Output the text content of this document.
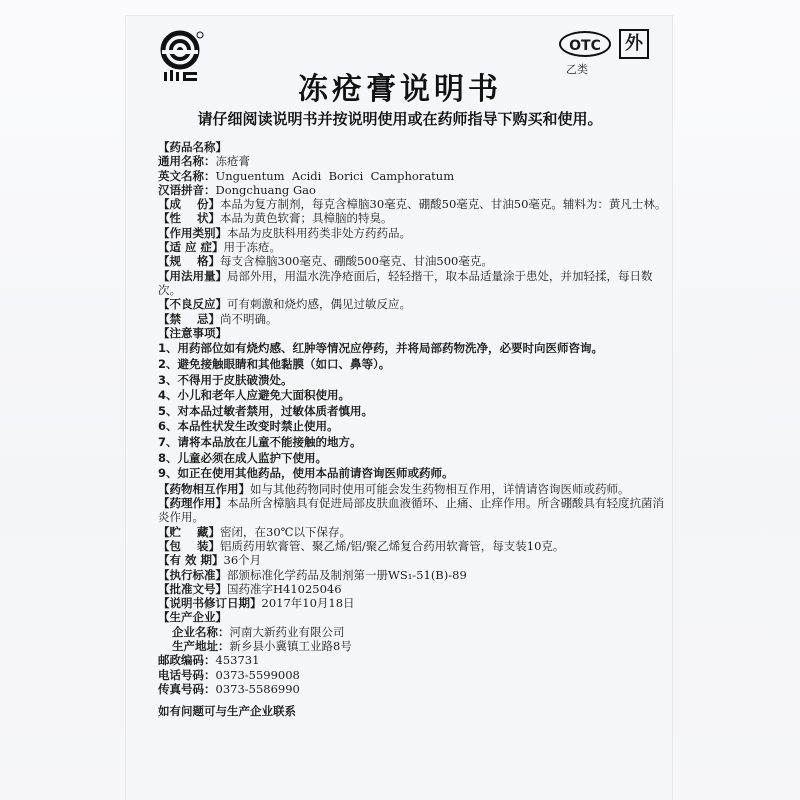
OTC	外
乙类
冻疮膏说明书
请仔细阅读说明书并按说明使用或在药师指导下购买和使用。
【药品名称】
通用名称：冻疮膏
英文名称：Unguentum  Acidi  Borici  Camphoratum
汉语拼音：Dongchuang Gao
【成    份】本品为复方制剂，每克含樟脑30毫克、硼酸50毫克、甘油50毫克。辅料为：黄凡士林。
【性    状】本品为黄色软膏；具樟脑的特臭。
【作用类别】本品为皮肤科用药类非处方药药品。
【适 应 症】用于冻疮。
【规    格】每支含樟脑300毫克、硼酸500毫克、甘油500毫克。
【用法用量】局部外用，用温水洗净疮面后，轻轻揩干，取本品适量涂于患处，并加轻揉，每日数次。
【不良反应】可有刺激和烧灼感，偶见过敏反应。
【禁    忌】尚不明确。
【注意事项】
1、用药部位如有烧灼感、红肿等情况应停药，并将局部药物洗净，必要时向医师咨询。
2、避免接触眼睛和其他黏膜（如口、鼻等）。
3、不得用于皮肤破溃处。
4、小儿和老年人应避免大面积使用。
5、对本品过敏者禁用，过敏体质者慎用。
6、本品性状发生改变时禁止使用。
7、请将本品放在儿童不能接触的地方。
8、儿童必须在成人监护下使用。
9、如正在使用其他药品，使用本品前请咨询医师或药师。
【药物相互作用】如与其他药物同时使用可能会发生药物相互作用，详情请咨询医师或药师。
【药理作用】本品所含樟脑具有促进局部皮肤血液循环、止痛、止痒作用。所含硼酸具有轻度抗菌消炎作用。
【贮    藏】密闭，在30℃以下保存。
【包    装】铝质药用软膏管、聚乙烯/铝/聚乙烯复合药用软膏管，每支装10克。
【有 效 期】36个月
【执行标准】部颁标准化学药品及制剂第一册WS₁-51(B)-89
【批准文号】国药准字H41025046
【说明书修订日期】2017年10月18日
【生产企业】
企业名称：河南大新药业有限公司
生产地址：新乡县小冀镇工业路8号
邮政编码：453731
电话号码：0373-5599008
传真号码：0373-5586990
如有问题可与生产企业联系
